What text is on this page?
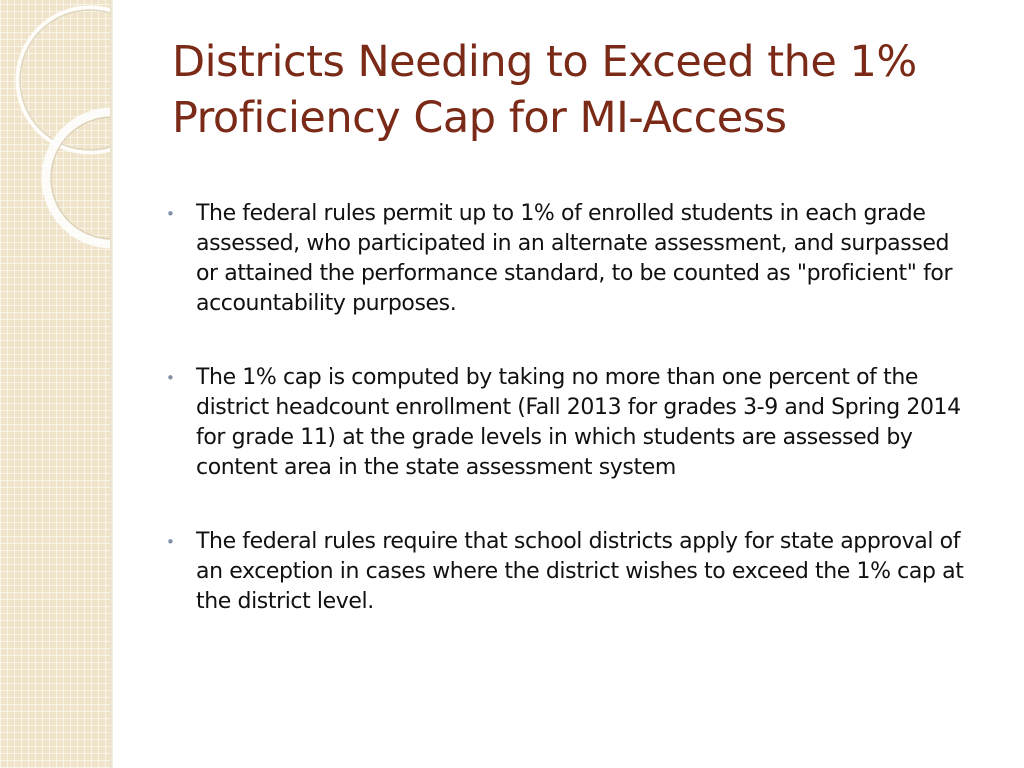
Districts Needing to Exceed the 1% Proficiency Cap for MI-Access
• The federal rules permit up to 1% of enrolled students in each grade assessed, who participated in an alternate assessment, and surpassed or attained the performance standard, to be counted as "proficient" for accountability purposes.
• The 1% cap is computed by taking no more than one percent of the district headcount enrollment (Fall 2013 for grades 3-9 and Spring 2014 for grade 11) at the grade levels in which students are assessed by content area in the state assessment system
• The federal rules require that school districts apply for state approval of an exception in cases where the district wishes to exceed the 1% cap at the district level.
